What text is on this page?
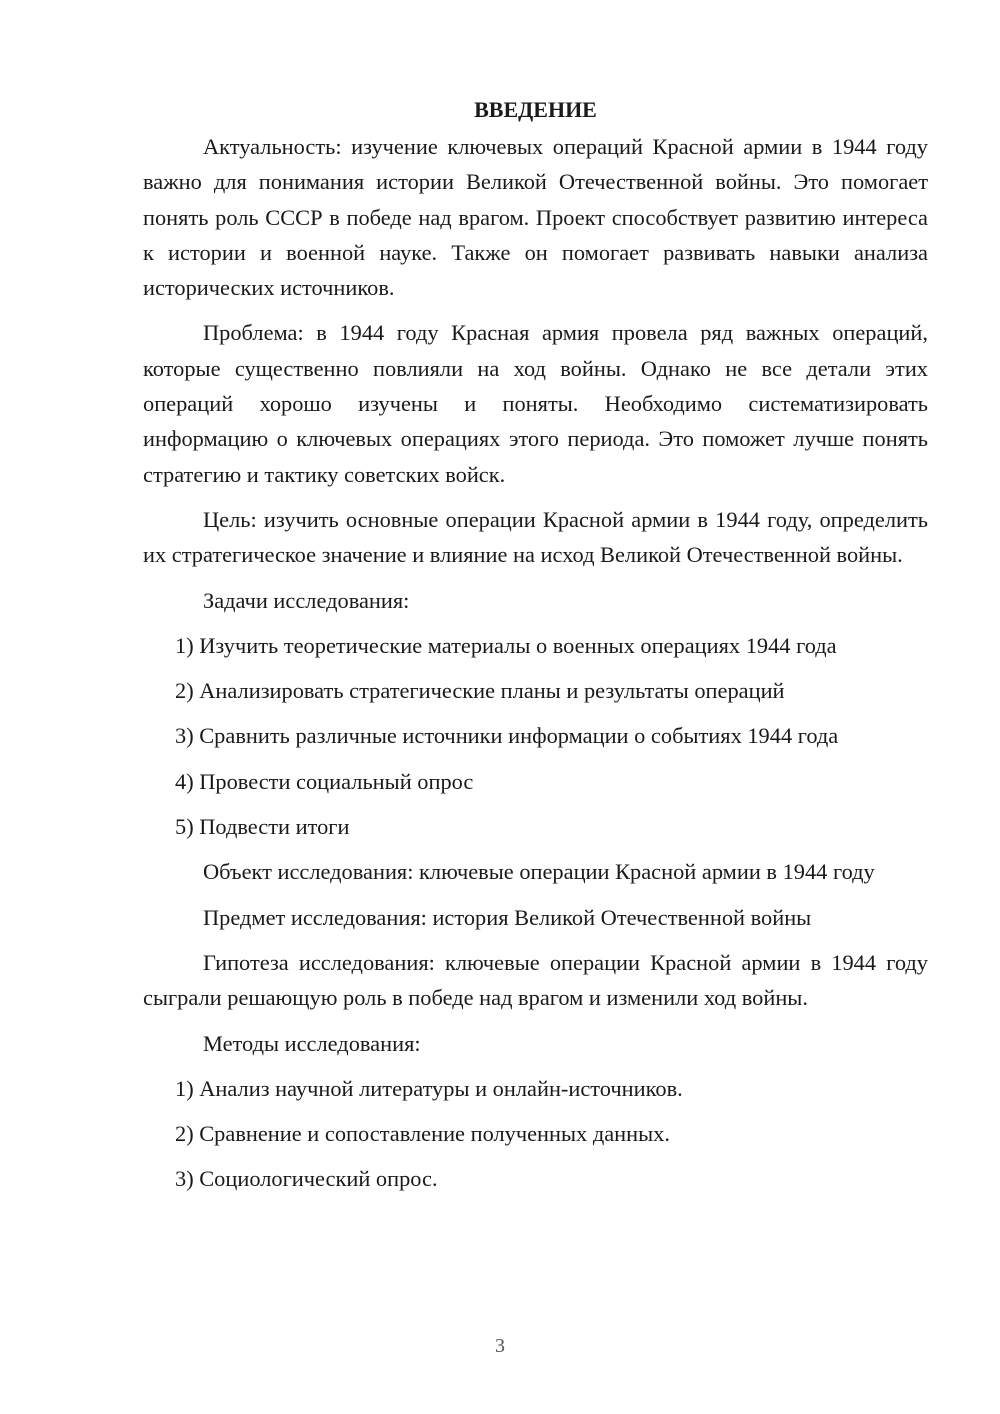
ВВЕДЕНИЕ

Актуальность: изучение ключевых операций Красной армии в 1944 году важно для понимания истории Великой Отечественной войны. Это помогает понять роль СССР в победе над врагом. Проект способствует развитию интереса к истории и военной науке. Также он помогает развивать навыки анализа исторических источников.

Проблема: в 1944 году Красная армия провела ряд важных операций, которые существенно повлияли на ход войны. Однако не все детали этих операций хорошо изучены и поняты. Необходимо систематизировать информацию о ключевых операциях этого периода. Это поможет лучше понять стратегию и тактику советских войск.

Цель: изучить основные операции Красной армии в 1944 году, определить их стратегическое значение и влияние на исход Великой Отечественной войны.

Задачи исследования:

1) Изучить теоретические материалы о военных операциях 1944 года
2) Анализировать стратегические планы и результаты операций
3) Сравнить различные источники информации о событиях 1944 года
4) Провести социальный опрос
5) Подвести итоги

Объект исследования: ключевые операции Красной армии в 1944 году

Предмет исследования: история Великой Отечественной войны

Гипотеза исследования: ключевые операции Красной армии в 1944 году сыграли решающую роль в победе над врагом и изменили ход войны.

Методы исследования:

1) Анализ научной литературы и онлайн-источников.
2) Сравнение и сопоставление полученных данных.
3) Социологический опрос.
3
